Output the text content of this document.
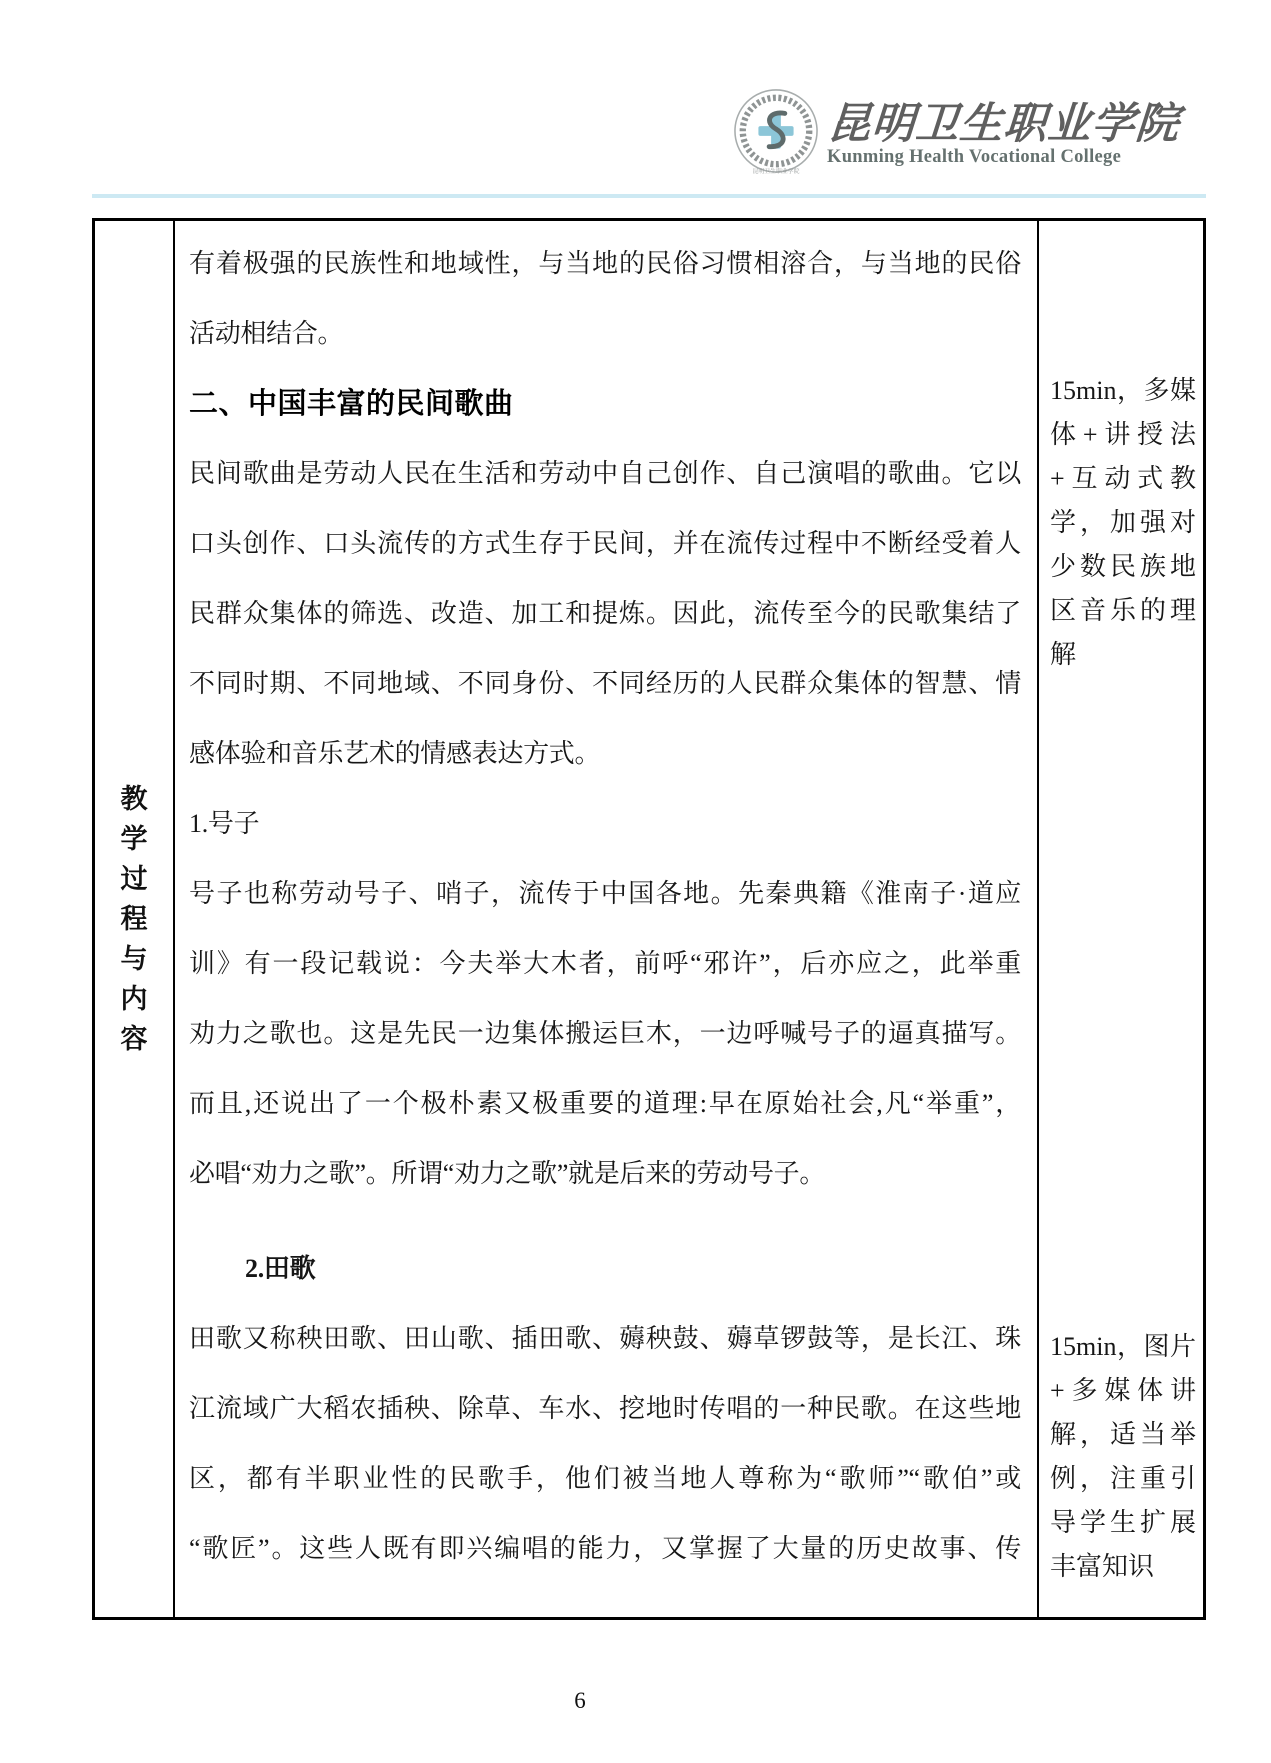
昆明卫生职业学院
昆明卫生职业学院
Kunming Health Vocational College
教学过程与内容
有着极强的民族性和地域性，与当地的民俗习惯相溶合，与当地的民俗
活动相结合。
二、中国丰富的民间歌曲
民间歌曲是劳动人民在生活和劳动中自己创作、自己演唱的歌曲。它以
口头创作、口头流传的方式生存于民间，并在流传过程中不断经受着人
民群众集体的筛选、改造、加工和提炼。因此，流传至今的民歌集结了
不同时期、不同地域、不同身份、不同经历的人民群众集体的智慧、情
感体验和音乐艺术的情感表达方式。
1.号子
号子也称劳动号子、哨子，流传于中国各地。先秦典籍《淮南子·道应
训》有一段记载说：今夫举大木者，前呼“邪许”，后亦应之，此举重
劝力之歌也。这是先民一边集体搬运巨木，一边呼喊号子的逼真描写。
而且,还说出了一个极朴素又极重要的道理:早在原始社会,凡“举重”，
必唱“劝力之歌”。所谓“劝力之歌”就是后来的劳动号子。
2.田歌
田歌又称秧田歌、田山歌、插田歌、薅秧鼓、薅草锣鼓等，是长江、珠
江流域广大稻农插秧、除草、车水、挖地时传唱的一种民歌。在这些地
区，都有半职业性的民歌手，他们被当地人尊称为“歌师”“歌伯”或
“歌匠”。这些人既有即兴编唱的能力，又掌握了大量的历史故事、传
15min，多媒体+讲授法+互动式教学，加强对少数民族地区音乐的理解
15min，图片+多媒体讲解，适当举例，注重引导学生扩展丰富知识
6
